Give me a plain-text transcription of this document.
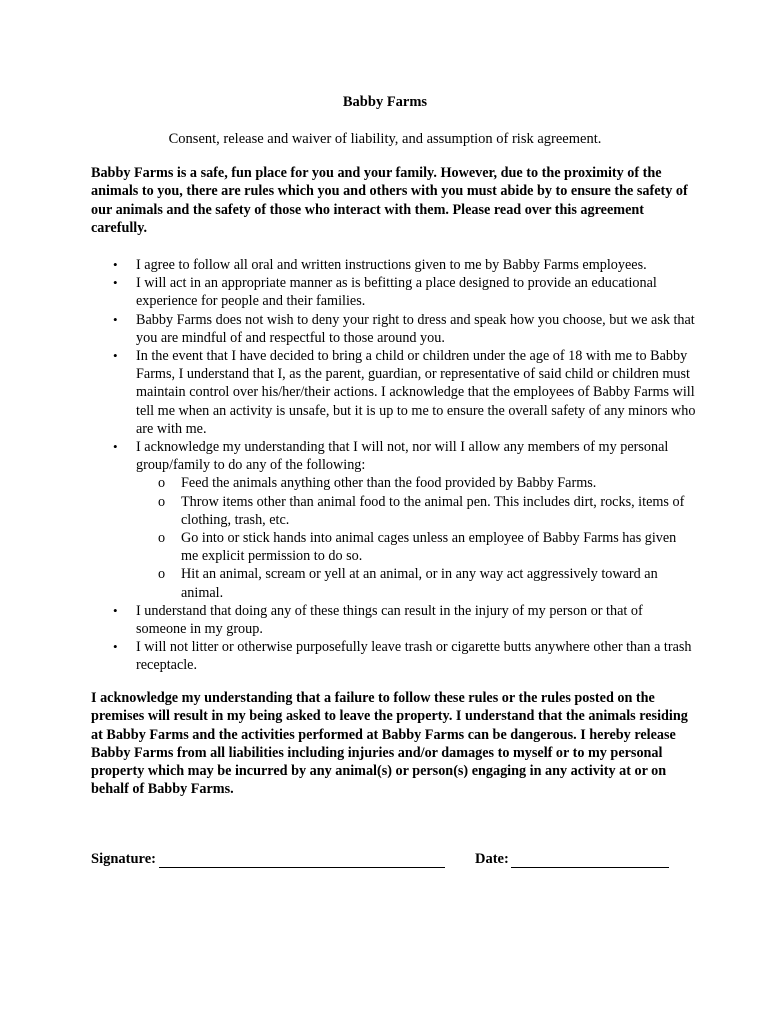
Babby Farms
Consent, release and waiver of liability, and assumption of risk agreement.
Babby Farms is a safe, fun place for you and your family. However, due to the proximity of the animals to you, there are rules which you and others with you must abide by to ensure the safety of our animals and the safety of those who interact with them. Please read over this agreement carefully.
• I agree to follow all oral and written instructions given to me by Babby Farms employees.
• I will act in an appropriate manner as is befitting a place designed to provide an educational experience for people and their families.
• Babby Farms does not wish to deny your right to dress and speak how you choose, but we ask that you are mindful of and respectful to those around you.
• In the event that I have decided to bring a child or children under the age of 18 with me to Babby Farms, I understand that I, as the parent, guardian, or representative of said child or children must maintain control over his/her/their actions. I acknowledge that the employees of Babby Farms will tell me when an activity is unsafe, but it is up to me to ensure the overall safety of any minors who are with me.
• I acknowledge my understanding that I will not, nor will I allow any members of my personal group/family to do any of the following:
o Feed the animals anything other than the food provided by Babby Farms.
o Throw items other than animal food to the animal pen. This includes dirt, rocks, items of clothing, trash, etc.
o Go into or stick hands into animal cages unless an employee of Babby Farms has given me explicit permission to do so.
o Hit an animal, scream or yell at an animal, or in any way act aggressively toward an animal.
• I understand that doing any of these things can result in the injury of my person or that of someone in my group.
• I will not litter or otherwise purposefully leave trash or cigarette butts anywhere other than a trash receptacle.
I acknowledge my understanding that a failure to follow these rules or the rules posted on the premises will result in my being asked to leave the property. I understand that the animals residing at Babby Farms and the activities performed at Babby Farms can be dangerous. I hereby release Babby Farms from all liabilities including injuries and/or damages to myself or to my personal property which may be incurred by any animal(s) or person(s) engaging in any activity at or on behalf of Babby Farms.
Signature:	Date:
